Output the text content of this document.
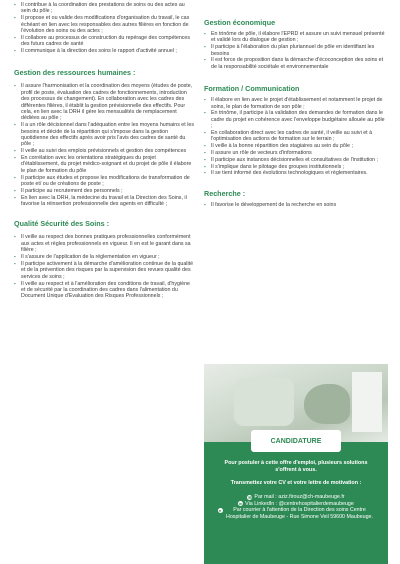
▪ Il contribue à la coordination des prestations de soins ou des actes au sein du pôle ;
▪ Il propose et ou valide des modifications d'organisation du travail, le cas échéant en lien avec les responsables des autres filières en fonction de l'évolution des soins ou des actes ;
▪ Il collabore au processus de construction du repérage des compétences des futurs cadres de santé
▪ Il communique à la direction des soins le rapport d'activité annuel ;
Gestion des ressources humaines :
▪ Il assure l'harmonisation et la coordination des moyens (études de poste, profil de poste, évaluation des cadres de fonctionnements, introduction des processus de changement). En collaboration avec les cadres des différentes filières, il établit la gestion prévisionnelle des effectifs. Pour cela, en lien avec la DRH il gère les mensualités de remplacement dédiées au pôle ;
▪ Il a un rôle décisionnel dans l'adéquation entre les moyens humains et les besoins et décide de la répartition qui s'impose dans la gestion quotidienne des effectifs après avoir pris l'avis des cadres de santé du pôle ;
▪ Il veille au suivi des emplois prévisionnels et gestion des compétences
▪ En corrélation avec les orientations stratégiques du projet d'établissement, du projet médico-soignant et du projet de pôle il élabore le plan de formation du pôle
▪ Il participe aux études et propose les modifications de transformation de poste et/ ou de créations de poste ;
▪ Il participe au recrutement des personnels ;
▪ En lien avec la DRH, la médecine du travail et la Direction des Soins, il favorise la réinsertion professionnelle des agents en difficulté ;
Qualité Sécurité des Soins :
▪ Il veille au respect des bonnes pratiques professionnelles conformément aux actes et règles professionnels en vigueur. Il en est le garant dans sa filière ;
▪ Il s'assure de l'application de la réglementation en vigueur ;
▪ Il participe activement à la démarche d'amélioration continue de la qualité et de la prévention des risques par la supervision des revues qualité des services de soins ;
▪ Il veille au respect et à l'amélioration des conditions de travail, d'hygiène et de sécurité par la coordination des cadres dans l'alimentation du Document Unique d'Evaluation des Risques Professionnels ;
Gestion économique
▪ En trinôme de pôle, il élabore l'EPRD et assure un suivi mensuel présenté et validé lors du dialogue de gestion ;
▪ Il participe à l'élaboration du plan pluriannuel de pôle en identifiant les besoins
▪ Il est force de proposition dans la démarche d'écoconception des soins et de la responsabilité sociétale et environnementale
Formation / Communication
▪ Il élabore en lien avec le projet d'établissement et notamment le projet de soins, le plan de formation de son pôle ;
▪ En trinôme, il participe à la validation des demandes de formation dans le cadre du projet en cohérence avec l'enveloppe budgétaire allouée au pôle ;
▪ En collaboration direct avec les cadres de santé, il veille au suivi et à l'optimisation des actions de formation sur le terrain ;
▪ Il veille à la bonne répartition des stagiaires au sein du pôle ;
▪ Il assure un rôle de vecteurs d'informations
▪ Il participe aux instances décisionnelles et consultatives de l'institution ;
▪ Il s'implique dans le pilotage des groupes institutionnels ;
▪ Il se tient informé des évolutions technologiques et règlementaires.
Recherche :
▪ Il favorise le développement de la recherche en soins
CANDIDATURE

Pour postuler à cette offre d'emploi, plusieurs solutions s'offrent à vous.

Transmettez votre CV et votre lettre de motivation :

✉ Par mail : aziz.firouz@ch-maubeuge.fr
in Via LinkedIn : @centrehospitalierdemaubeuge
●	Par courrier à l'attention de la Direction des soins Centre Hospitalier de Maubeuge - Rue Simone Veil 59600 Maubeuge.
